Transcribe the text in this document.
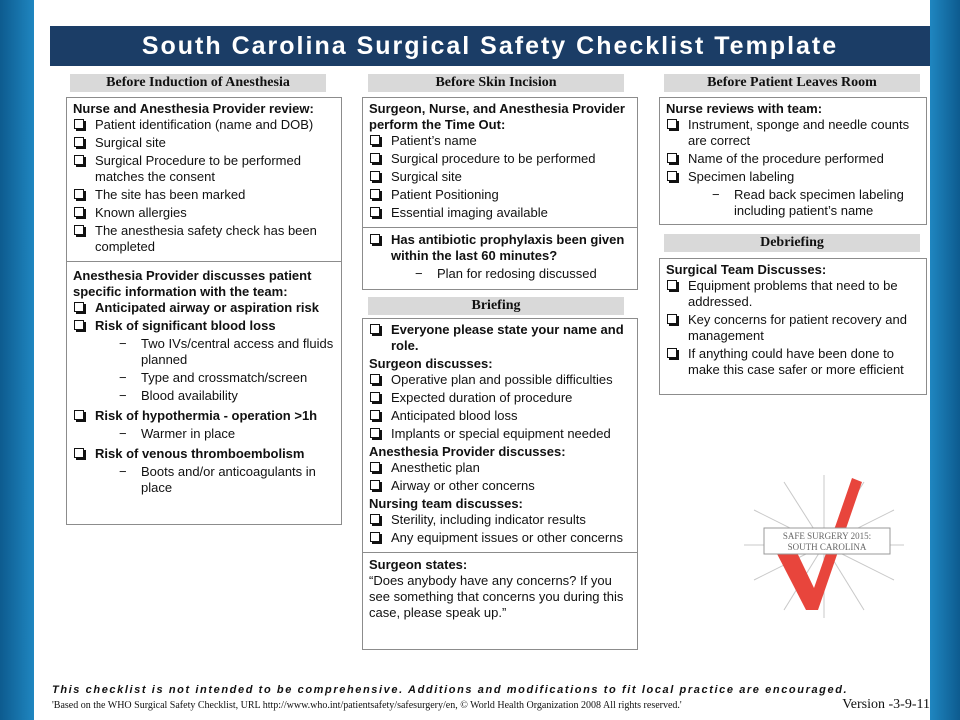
South Carolina Surgical Safety Checklist Template
Before Induction of Anesthesia	Before Skin Incision	Before Patient Leaves Room
Nurse and Anesthesia Provider review:
Patient identification (name and DOB)
Surgical site
Surgical Procedure to be performed matches the consent
The site has been marked
Known allergies
The anesthesia safety check has been completed
Anesthesia Provider discusses patient specific information with the team:
Anticipated airway or aspiration risk
Risk of significant blood loss
−	Two IVs/central access and fluids planned
−	Type and crossmatch/screen
−	Blood availability
Risk of hypothermia - operation >1h
−	Warmer in place
Risk of venous thromboembolism
−	Boots and/or anticoagulants in place
Surgeon, Nurse, and Anesthesia Provider perform the Time Out:
Patient’s name
Surgical procedure to be performed
Surgical site
Patient Positioning
Essential imaging available
Has antibiotic prophylaxis been given within the last 60 minutes?
−	Plan for redosing discussed
Briefing
Everyone please state your name and role.
Surgeon discusses:
Operative plan and possible difficulties
Expected duration of procedure
Anticipated blood loss
Implants or special equipment needed
Anesthesia Provider discusses:
Anesthetic plan
Airway or other concerns
Nursing team discusses:
Sterility, including indicator results
Any equipment issues or other concerns
Surgeon states:
“Does anybody have any concerns? If you see something that concerns you during this case, please speak up.”
Nurse reviews with team:
Instrument, sponge and needle counts are correct
Name of the procedure performed
Specimen labeling
−	Read back specimen labeling including patient’s name
Debriefing
Surgical Team Discusses:
Equipment problems that need to be addressed.
Key concerns for patient recovery and management
If anything could have been done to make this case safer or more efficient
SAFE SURGERY 2015:
SOUTH CAROLINA
This checklist is not intended to be comprehensive. Additions and modifications to fit local practice are encouraged.
'Based on the WHO Surgical Safety Checklist, URL http://www.who.int/patientsafety/safesurgery/en, © World Health Organization 2008 All rights reserved.'	Version -3-9-11
